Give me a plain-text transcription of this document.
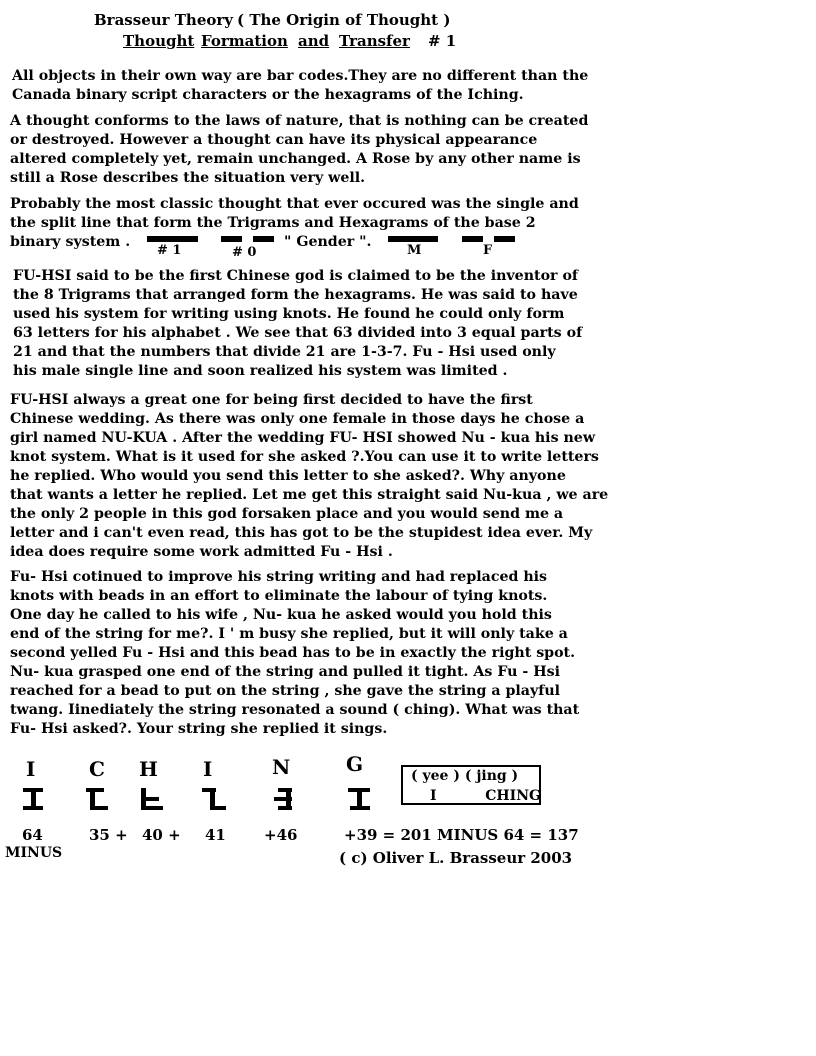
Brasseur Theory ( The Origin of Thought )
Thought Formation and Transfer # 1
All objects in their own way are bar codes.They are no different than the
Canada binary script characters or the hexagrams of the Iching.
A thought conforms to the laws of nature, that is nothing can be created
or destroyed. However a thought can have its physical appearance
altered completely yet, remain unchanged. A Rose by any other name is
still a Rose describes the situation very well.
Probably the most classic thought that ever occured was the single and
the split line that form the Trigrams and Hexagrams of the base 2
binary system .
# 1	# 0
" Gender ".
M	F
FU-HSI said to be the first Chinese god is claimed to be the inventor of
the 8 Trigrams that arranged form the hexagrams. He was said to have
used his system for writing using knots. He found he could only form
63 letters for his alphabet . We see that 63 divided into 3 equal parts of
21 and that the numbers that divide 21 are 1-3-7. Fu - Hsi used only
his male single line and soon realized his system was limited .
FU-HSI always a great one for being first decided to have the first
Chinese wedding. As there was only one female in those days he chose a
girl named NU-KUA . After the wedding FU- HSI showed Nu - kua his new
knot system. What is it used for she asked ?.You can use it to write letters
he replied. Who would you send this letter to she asked?. Why anyone
that wants a letter he replied. Let me get this straight said Nu-kua , we are
the only 2 people in this god forsaken place and you would send me a
letter and i can't even read, this has got to be the stupidest idea ever. My
idea does require some work admitted Fu - Hsi .
Fu- Hsi cotinued to improve his string writing and had replaced his
knots with beads in an effort to eliminate the labour of tying knots.
One day he called to his wife , Nu- kua he asked would you hold this
end of the string for me?. I ' m busy she replied, but it will only take a
second yelled Fu - Hsi and this bead has to be in exactly the right spot.
Nu- kua grasped one end of the string and pulled it tight. As Fu - Hsi
reached for a bead to put on the string , she gave the string a playful
twang. Iinediately the string resonated a sound ( ching). What was that
Fu- Hsi asked?. Your string she replied it sings.
I	C H I	N	G	( yee ) ( jing )
I          CHING
64
MINUS
35 + 40 + 41	+46	+39 = 201 MINUS 64 = 137
( c) Oliver L. Brasseur 2003
